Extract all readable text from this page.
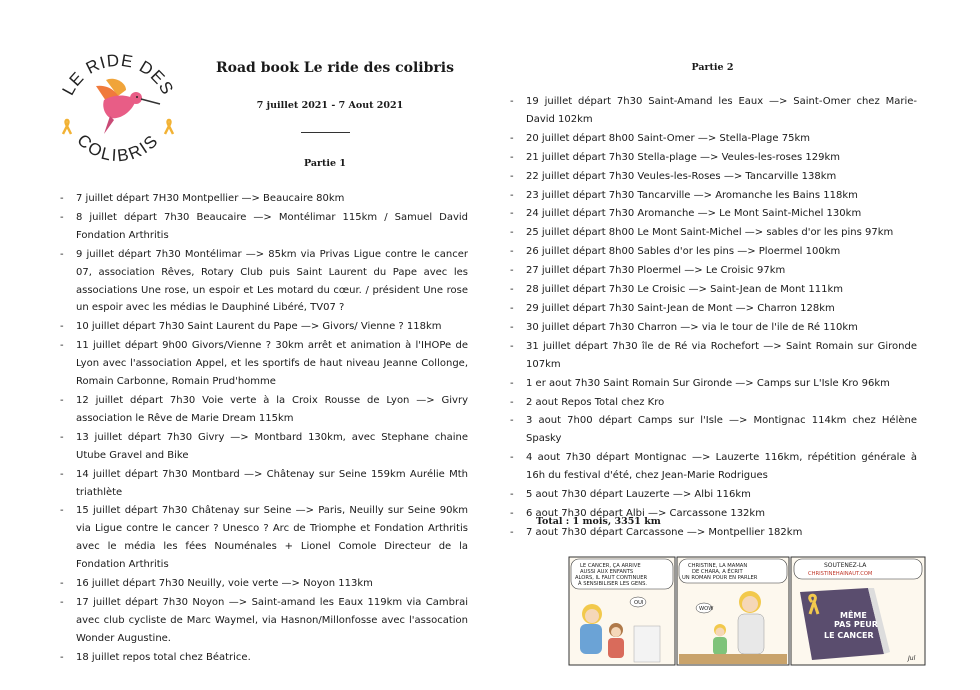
LE RIDE DES
COLIBRIS
Road book Le ride des colibris
7 juillet 2021 - 7 Aout 2021
Partie 1
Partie 2
- 7 juillet départ 7H30 Montpellier —> Beaucaire 80km
- 8 juillet départ 7h30 Beaucaire —> Montélimar 115km / Samuel David Fondation Arthritis
- 9 juillet départ 7h30 Montélimar —> 85km via Privas Ligue contre le cancer 07, association Rêves, Rotary Club puis Saint Laurent du Pape avec les associations Une rose, un espoir et Les motard du cœur. / président Une rose un espoir avec les médias le Dauphiné Libéré, TV07 ?
- 10 juillet départ 7h30 Saint Laurent du Pape —> Givors/ Vienne ? 118km
- 11 juillet départ 9h00 Givors/Vienne ? 30km arrêt et animation à l'IHOPe de Lyon avec l'association Appel, et les sportifs de haut niveau Jeanne Collonge, Romain Carbonne, Romain Prud'homme
- 12 juillet départ 7h30 Voie verte à la Croix Rousse de Lyon —> Givry association le Rêve de Marie Dream 115km
- 13 juillet départ 7h30 Givry —> Montbard 130km, avec Stephane chaine Utube Gravel and Bike
- 14 juillet départ 7h30 Montbard —> Châtenay sur Seine 159km Aurélie Mth triathlète
- 15 juillet départ 7h30 Châtenay sur Seine —> Paris, Neuilly sur Seine 90km via Ligue contre le cancer ? Unesco ? Arc de Triomphe et Fondation Arthritis avec le média les fées Nouménales + Lionel Comole Directeur de la Fondation Arthritis
- 16 juillet départ 7h30 Neuilly, voie verte —> Noyon 113km
- 17 juillet départ 7h30 Noyon —> Saint-amand les Eaux 119km via Cambrai avec club cycliste de Marc Waymel, via Hasnon/Millonfosse avec l'assocation Wonder Augustine.
- 18 juillet repos total chez Béatrice.
- 19 juillet départ 7h30 Saint-Amand les Eaux —> Saint-Omer chez Marie-David 102km
- 20 juillet départ 8h00 Saint-Omer —> Stella-Plage 75km
- 21 juillet départ 7h30 Stella-plage —> Veules-les-roses 129km
- 22 juillet départ 7h30 Veules-les-Roses —> Tancarville 138km
- 23 juillet départ 7h30 Tancarville —> Aromanche les Bains 118km
- 24 juillet départ 7h30 Aromanche —> Le Mont Saint-Michel 130km
- 25 juillet départ 8h00 Le Mont Saint-Michel —> sables d'or les pins 97km
- 26 juillet départ 8h00 Sables d'or les pins —> Ploermel 100km
- 27 juillet départ 7h30 Ploermel —> Le Croisic 97km
- 28 juillet départ 7h30 Le Croisic —> Saint-Jean de Mont 111km
- 29 juillet départ 7h30 Saint-Jean de Mont —> Charron 128km
- 30 juillet départ 7h30 Charron —> via le tour de l'ile de Ré 110km
- 31 juillet départ 7h30 île de Ré via Rochefort —> Saint Romain sur Gironde 107km
- 1 er aout 7h30 Saint Romain Sur Gironde —> Camps sur L'Isle Kro 96km
- 2 aout Repos Total chez Kro
- 3 aout 7h00 départ Camps sur l'Isle —> Montignac 114km chez Hélène Spasky
- 4 aout 7h30 départ Montignac —> Lauzerte 116km, répétition générale à 16h du festival d'été, chez Jean-Marie Rodrigues
- 5 aout 7h30 départ Lauzerte —> Albi 116km
- 6 aout 7h30 départ Albi —> Carcassone 132km
- 7 aout 7h30 départ Carcassone —> Montpellier 182km
Total : 1 mois, 3351 km
LE CANCER, ÇA ARRIVE
AUSSI AUX ENFANTS
ALORS, IL FAUT CONTINUER
À SENSIBILISER LES GENS.
OUI
CHRISTINE, LA MAMAN
DE CHARA, A ÉCRIT
UN ROMAN POUR EN PARLER
WOW
SOUTENEZ-LA
CHRISTINEHAINAUT.COM
MÊME
PAS PEUR
LE CANCER
Jul
